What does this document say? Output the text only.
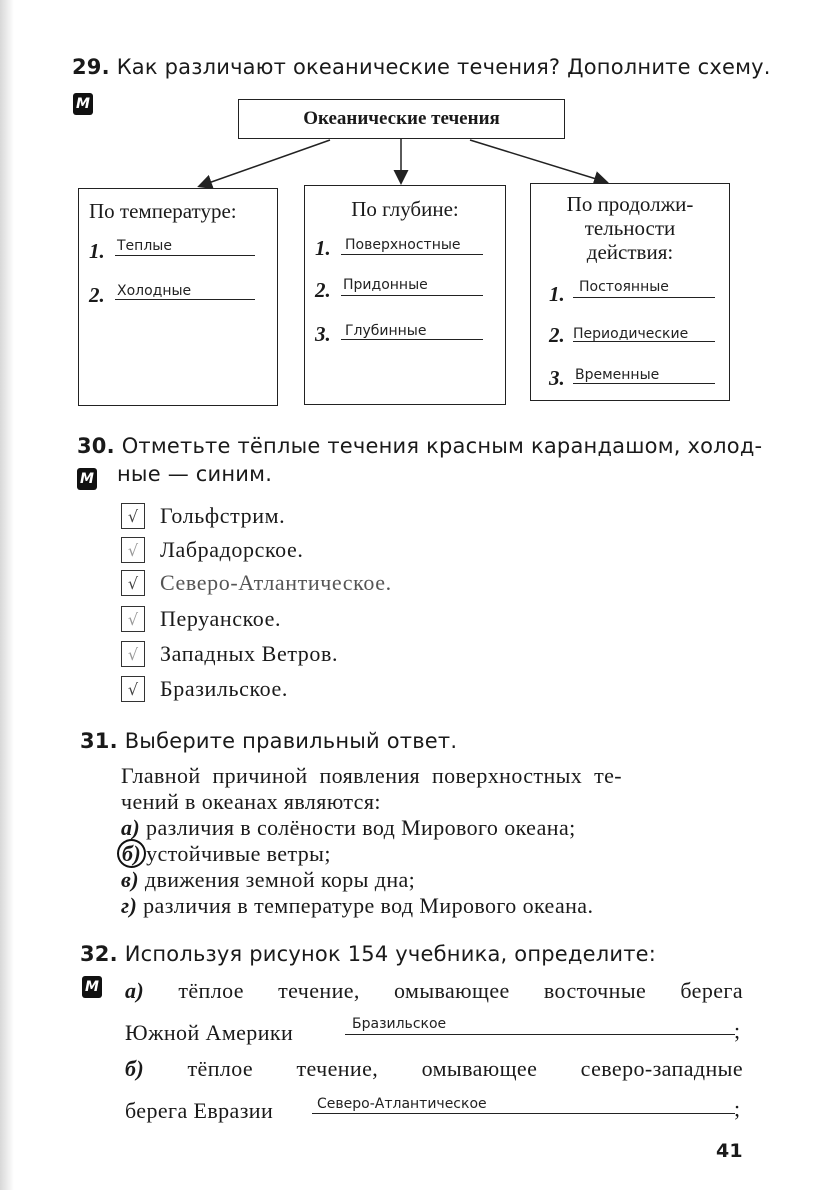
29. Как различают океанические течения? Дополните схему.
М
Океанические течения
По температуре:
1. Теплые
2. Холодные
По глубине:
1. Поверхностные
2. Придонные
3. Глубинные
По продолжи-
тельности
действия:
1. Постоянные
2. Периодические
3. Временные
30. Отметьте тёплые течения красным карандашом, холод-
ные — синим.
М
√ Гольфстрим.
√ Лабрадорское.
√ Северо-Атлантическое.
√ Перуанское.
√ Западных Ветров.
√ Бразильское.
31. Выберите правильный ответ.
Главной причиной появления поверхностных те-
чений в океанах являются:
а) различия в солёности вод Мирового океана;
б) устойчивые ветры;
в) движения земной коры дна;
г) различия в температуре вод Мирового океана.
32. Используя рисунок 154 учебника, определите:
М а) тёплое течение, омывающее восточные берега
Южной Америки	Бразильское	;
б) тёплое течение, омывающее северо-западные
берега Евразии	Северо-Атлантическое	;
41
